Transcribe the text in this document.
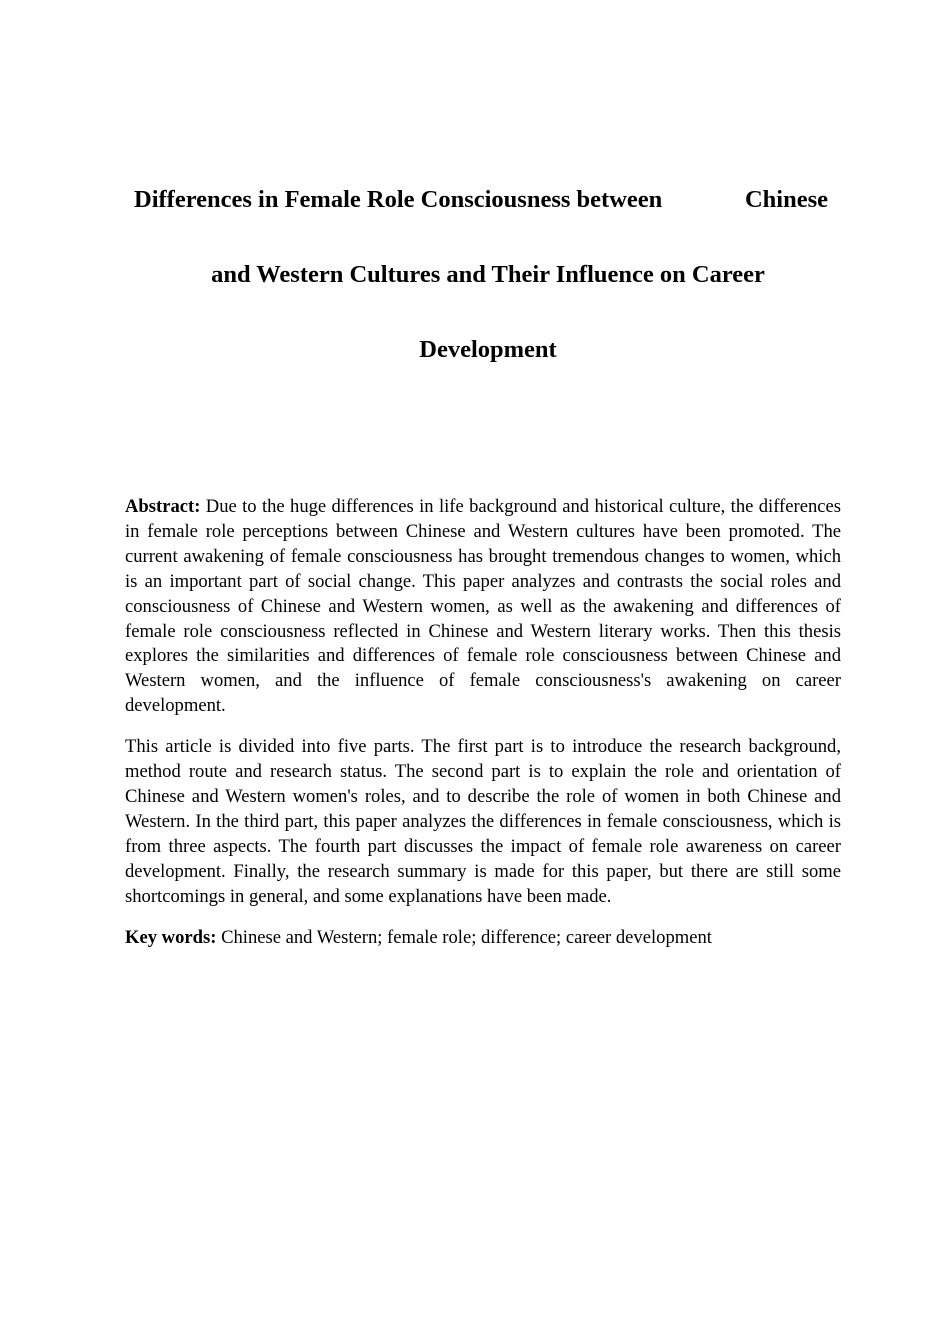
Differences in Female Role Consciousness between	Chinese
and Western Cultures and Their Influence on Career
Development

Abstract: Due to the huge differences in life background and historical culture, the differences in female role perceptions between Chinese and Western cultures have been promoted. The current awakening of female consciousness has brought tremendous changes to women, which is an important part of social change. This paper analyzes and contrasts the social roles and consciousness of Chinese and Western women, as well as the awakening and differences of female role consciousness reflected in Chinese and Western literary works. Then this thesis explores the similarities and differences of female role consciousness between Chinese and Western women, and the influence of female consciousness's awakening on career development.

This article is divided into five parts. The first part is to introduce the research background, method route and research status. The second part is to explain the role and orientation of Chinese and Western women's roles, and to describe the role of women in both Chinese and Western. In the third part, this paper analyzes the differences in female consciousness, which is from three aspects. The fourth part discusses the impact of female role awareness on career development. Finally, the research summary is made for this paper, but there are still some shortcomings in general, and some explanations have been made.

Key words: Chinese and Western; female role; difference; career development
